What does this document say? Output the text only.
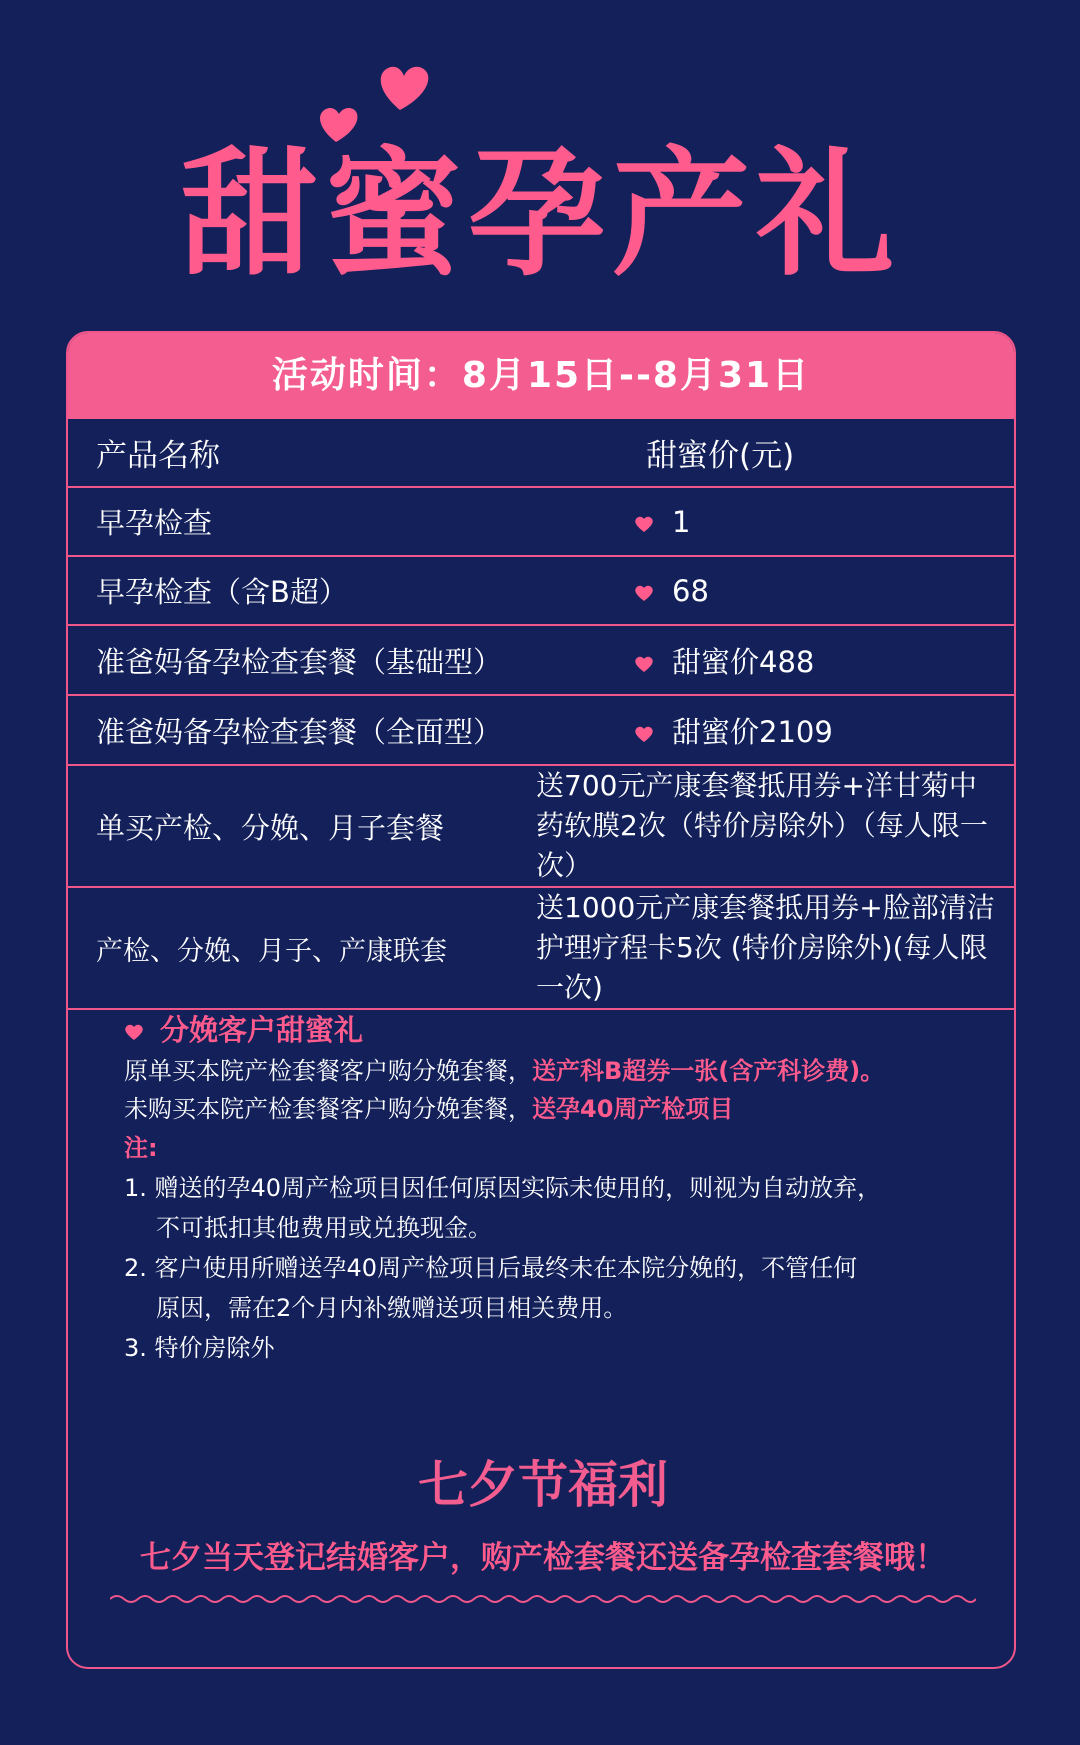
甜蜜孕产礼
活动时间：8月15日--8月31日
产品名称	甜蜜价(元)
早孕检查	1
早孕检查（含B超）	68
准爸妈备孕检查套餐（基础型）	甜蜜价488
准爸妈备孕检查套餐（全面型）	甜蜜价2109
单买产检、分娩、月子套餐	送700元产康套餐抵用券+洋甘菊中药软膜2次（特价房除外）（每人限一次）
产检、分娩、月子、产康联套	送1000元产康套餐抵用券+脸部清洁护理疗程卡5次 (特价房除外)(每人限一次)
分娩客户甜蜜礼
原单买本院产检套餐客户购分娩套餐，送产科B超券一张(含产科诊费)。
未购买本院产检套餐客户购分娩套餐，送孕40周产检项目
注:
1. 赠送的孕40周产检项目因任何原因实际未使用的，则视为自动放弃，
不可抵扣其他费用或兑换现金。
2. 客户使用所赠送孕40周产检项目后最终未在本院分娩的，不管任何
原因，需在2个月内补缴赠送项目相关费用。
3. 特价房除外
七夕节福利
七夕当天登记结婚客户，购产检套餐还送备孕检查套餐哦！
